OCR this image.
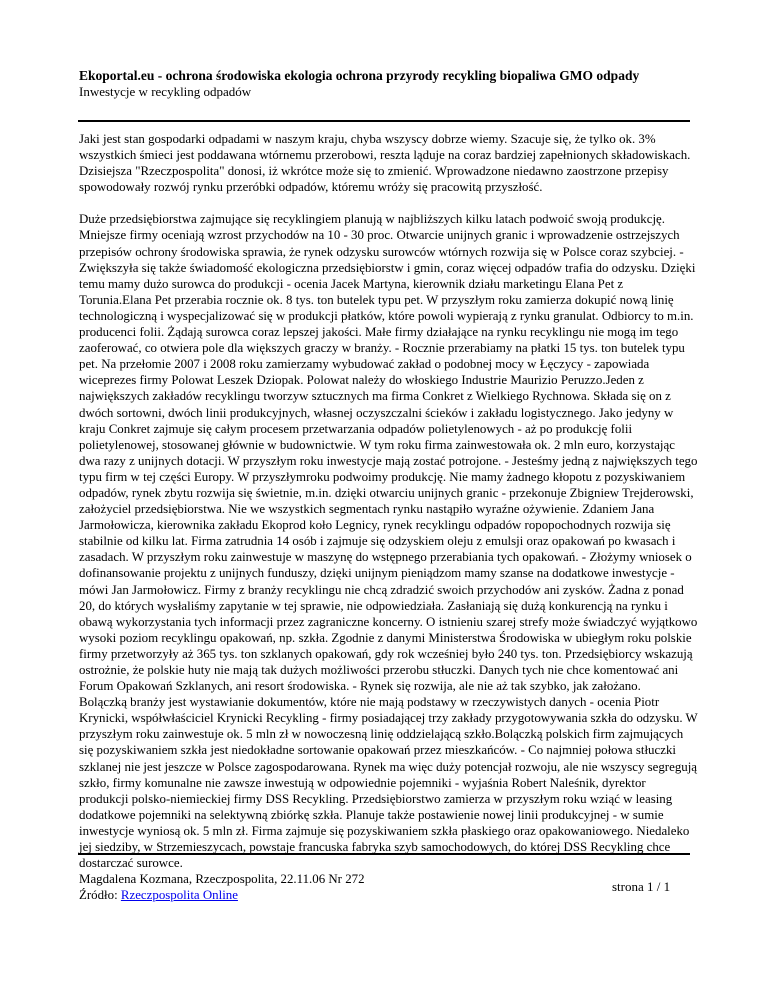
Ekoportal.eu - ochrona środowiska ekologia ochrona przyrody recykling biopaliwa GMO odpady
Inwestycje w recykling odpadów

Jaki jest stan gospodarki odpadami w naszym kraju, chyba wszyscy dobrze wiemy. Szacuje się, że tylko ok. 3%
wszystkich śmieci jest poddawana wtórnemu przerobowi, reszta ląduje na coraz bardziej zapełnionych składowiskach.
Dzisiejsza "Rzeczpospolita" donosi, iż wkrótce może się to zmienić. Wprowadzone niedawno zaostrzone przepisy
spowodowały rozwój rynku przeróbki odpadów, któremu wróży się pracowitą przyszłość.

Duże przedsiębiorstwa zajmujące się recyklingiem planują w najbliższych kilku latach podwoić swoją produkcję.
Mniejsze firmy oceniają wzrost przychodów na 10 - 30 proc. Otwarcie unijnych granic i wprowadzenie ostrzejszych
przepisów ochrony środowiska sprawia, że rynek odzysku surowców wtórnych rozwija się w Polsce coraz szybciej. -
Zwiększyła się także świadomość ekologiczna przedsiębiorstw i gmin, coraz więcej odpadów trafia do odzysku. Dzięki
temu mamy dużo surowca do produkcji - ocenia Jacek Martyna, kierownik działu marketingu Elana Pet z
Torunia.Elana Pet przerabia rocznie ok. 8 tys. ton butelek typu pet. W przyszłym roku zamierza dokupić nową linię
technologiczną i wyspecjalizować się w produkcji płatków, które powoli wypierają z rynku granulat. Odbiorcy to m.in.
producenci folii. Żądają surowca coraz lepszej jakości. Małe firmy działające na rynku recyklingu nie mogą im tego
zaoferować, co otwiera pole dla większych graczy w branży. - Rocznie przerabiamy na płatki 15 tys. ton butelek typu
pet. Na przełomie 2007 i 2008 roku zamierzamy wybudować zakład o podobnej mocy w Łęczycy - zapowiada
wiceprezes firmy Polowat Leszek Dziopak. Polowat należy do włoskiego Industrie Maurizio Peruzzo.Jeden z
największych zakładów recyklingu tworzyw sztucznych ma firma Conkret z Wielkiego Rychnowa. Składa się on z
dwóch sortowni, dwóch linii produkcyjnych, własnej oczyszczalni ścieków i zakładu logistycznego. Jako jedyny w
kraju Conkret zajmuje się całym procesem przetwarzania odpadów polietylenowych - aż po produkcję folii
polietylenowej, stosowanej głównie w budownictwie. W tym roku firma zainwestowała ok. 2 mln euro, korzystając
dwa razy z unijnych dotacji. W przyszłym roku inwestycje mają zostać potrojone. - Jesteśmy jedną z największych tego
typu firm w tej części Europy. W przyszłymroku podwoimy produkcję. Nie mamy żadnego kłopotu z pozyskiwaniem
odpadów, rynek zbytu rozwija się świetnie, m.in. dzięki otwarciu unijnych granic - przekonuje Zbigniew Trejderowski,
założyciel przedsiębiorstwa. Nie we wszystkich segmentach rynku nastąpiło wyraźne ożywienie. Zdaniem Jana
Jarmołowicza, kierownika zakładu Ekoprod koło Legnicy, rynek recyklingu odpadów ropopochodnych rozwija się
stabilnie od kilku lat. Firma zatrudnia 14 osób i zajmuje się odzyskiem oleju z emulsji oraz opakowań po kwasach i
zasadach. W przyszłym roku zainwestuje w maszynę do wstępnego przerabiania tych opakowań. - Złożymy wniosek o
dofinansowanie projektu z unijnych funduszy, dzięki unijnym pieniądzom mamy szanse na dodatkowe inwestycje -
mówi Jan Jarmołowicz. Firmy z branży recyklingu nie chcą zdradzić swoich przychodów ani zysków. Żadna z ponad
20, do których wysłaliśmy zapytanie w tej sprawie, nie odpowiedziała. Zasłaniają się dużą konkurencją na rynku i
obawą wykorzystania tych informacji przez zagraniczne koncerny. O istnieniu szarej strefy może świadczyć wyjątkowo
wysoki poziom recyklingu opakowań, np. szkła. Zgodnie z danymi Ministerstwa Środowiska w ubiegłym roku polskie
firmy przetworzyły aż 365 tys. ton szklanych opakowań, gdy rok wcześniej było 240 tys. ton. Przedsiębiorcy wskazują
ostrożnie, że polskie huty nie mają tak dużych możliwości przerobu stłuczki. Danych tych nie chce komentować ani
Forum Opakowań Szklanych, ani resort środowiska. - Rynek się rozwija, ale nie aż tak szybko, jak założano.
Bolączką branży jest wystawianie dokumentów, które nie mają podstawy w rzeczywistych danych - ocenia Piotr
Krynicki, współwłaściciel Krynicki Recykling - firmy posiadającej trzy zakłady przygotowywania szkła do odzysku. W
przyszłym roku zainwestuje ok. 5 mln zł w nowoczesną linię oddzielającą szkło.Bolączką polskich firm zajmujących
się pozyskiwaniem szkła jest niedokładne sortowanie opakowań przez mieszkańców. - Co najmniej połowa stłuczki
szklanej nie jest jeszcze w Polsce zagospodarowana. Rynek ma więc duży potencjał rozwoju, ale nie wszyscy segregują
szkło, firmy komunalne nie zawsze inwestują w odpowiednie pojemniki - wyjaśnia Robert Naleśnik, dyrektor
produkcji polsko-niemieckiej firmy DSS Recykling. Przedsiębiorstwo zamierza w przyszłym roku wziąć w leasing
dodatkowe pojemniki na selektywną zbiórkę szkła. Planuje także postawienie nowej linii produkcyjnej - w sumie
inwestycje wyniosą ok. 5 mln zł. Firma zajmuje się pozyskiwaniem szkła płaskiego oraz opakowaniowego. Niedaleko
jej siedziby, w Strzemieszycach, powstaje francuska fabryka szyb samochodowych, do której DSS Recykling chce
dostarczać surowce.

Magdalena Kozmana, Rzeczpospolita, 22.11.06 Nr 272
Źródło: Rzeczpospolita Online

strona 1 / 1
